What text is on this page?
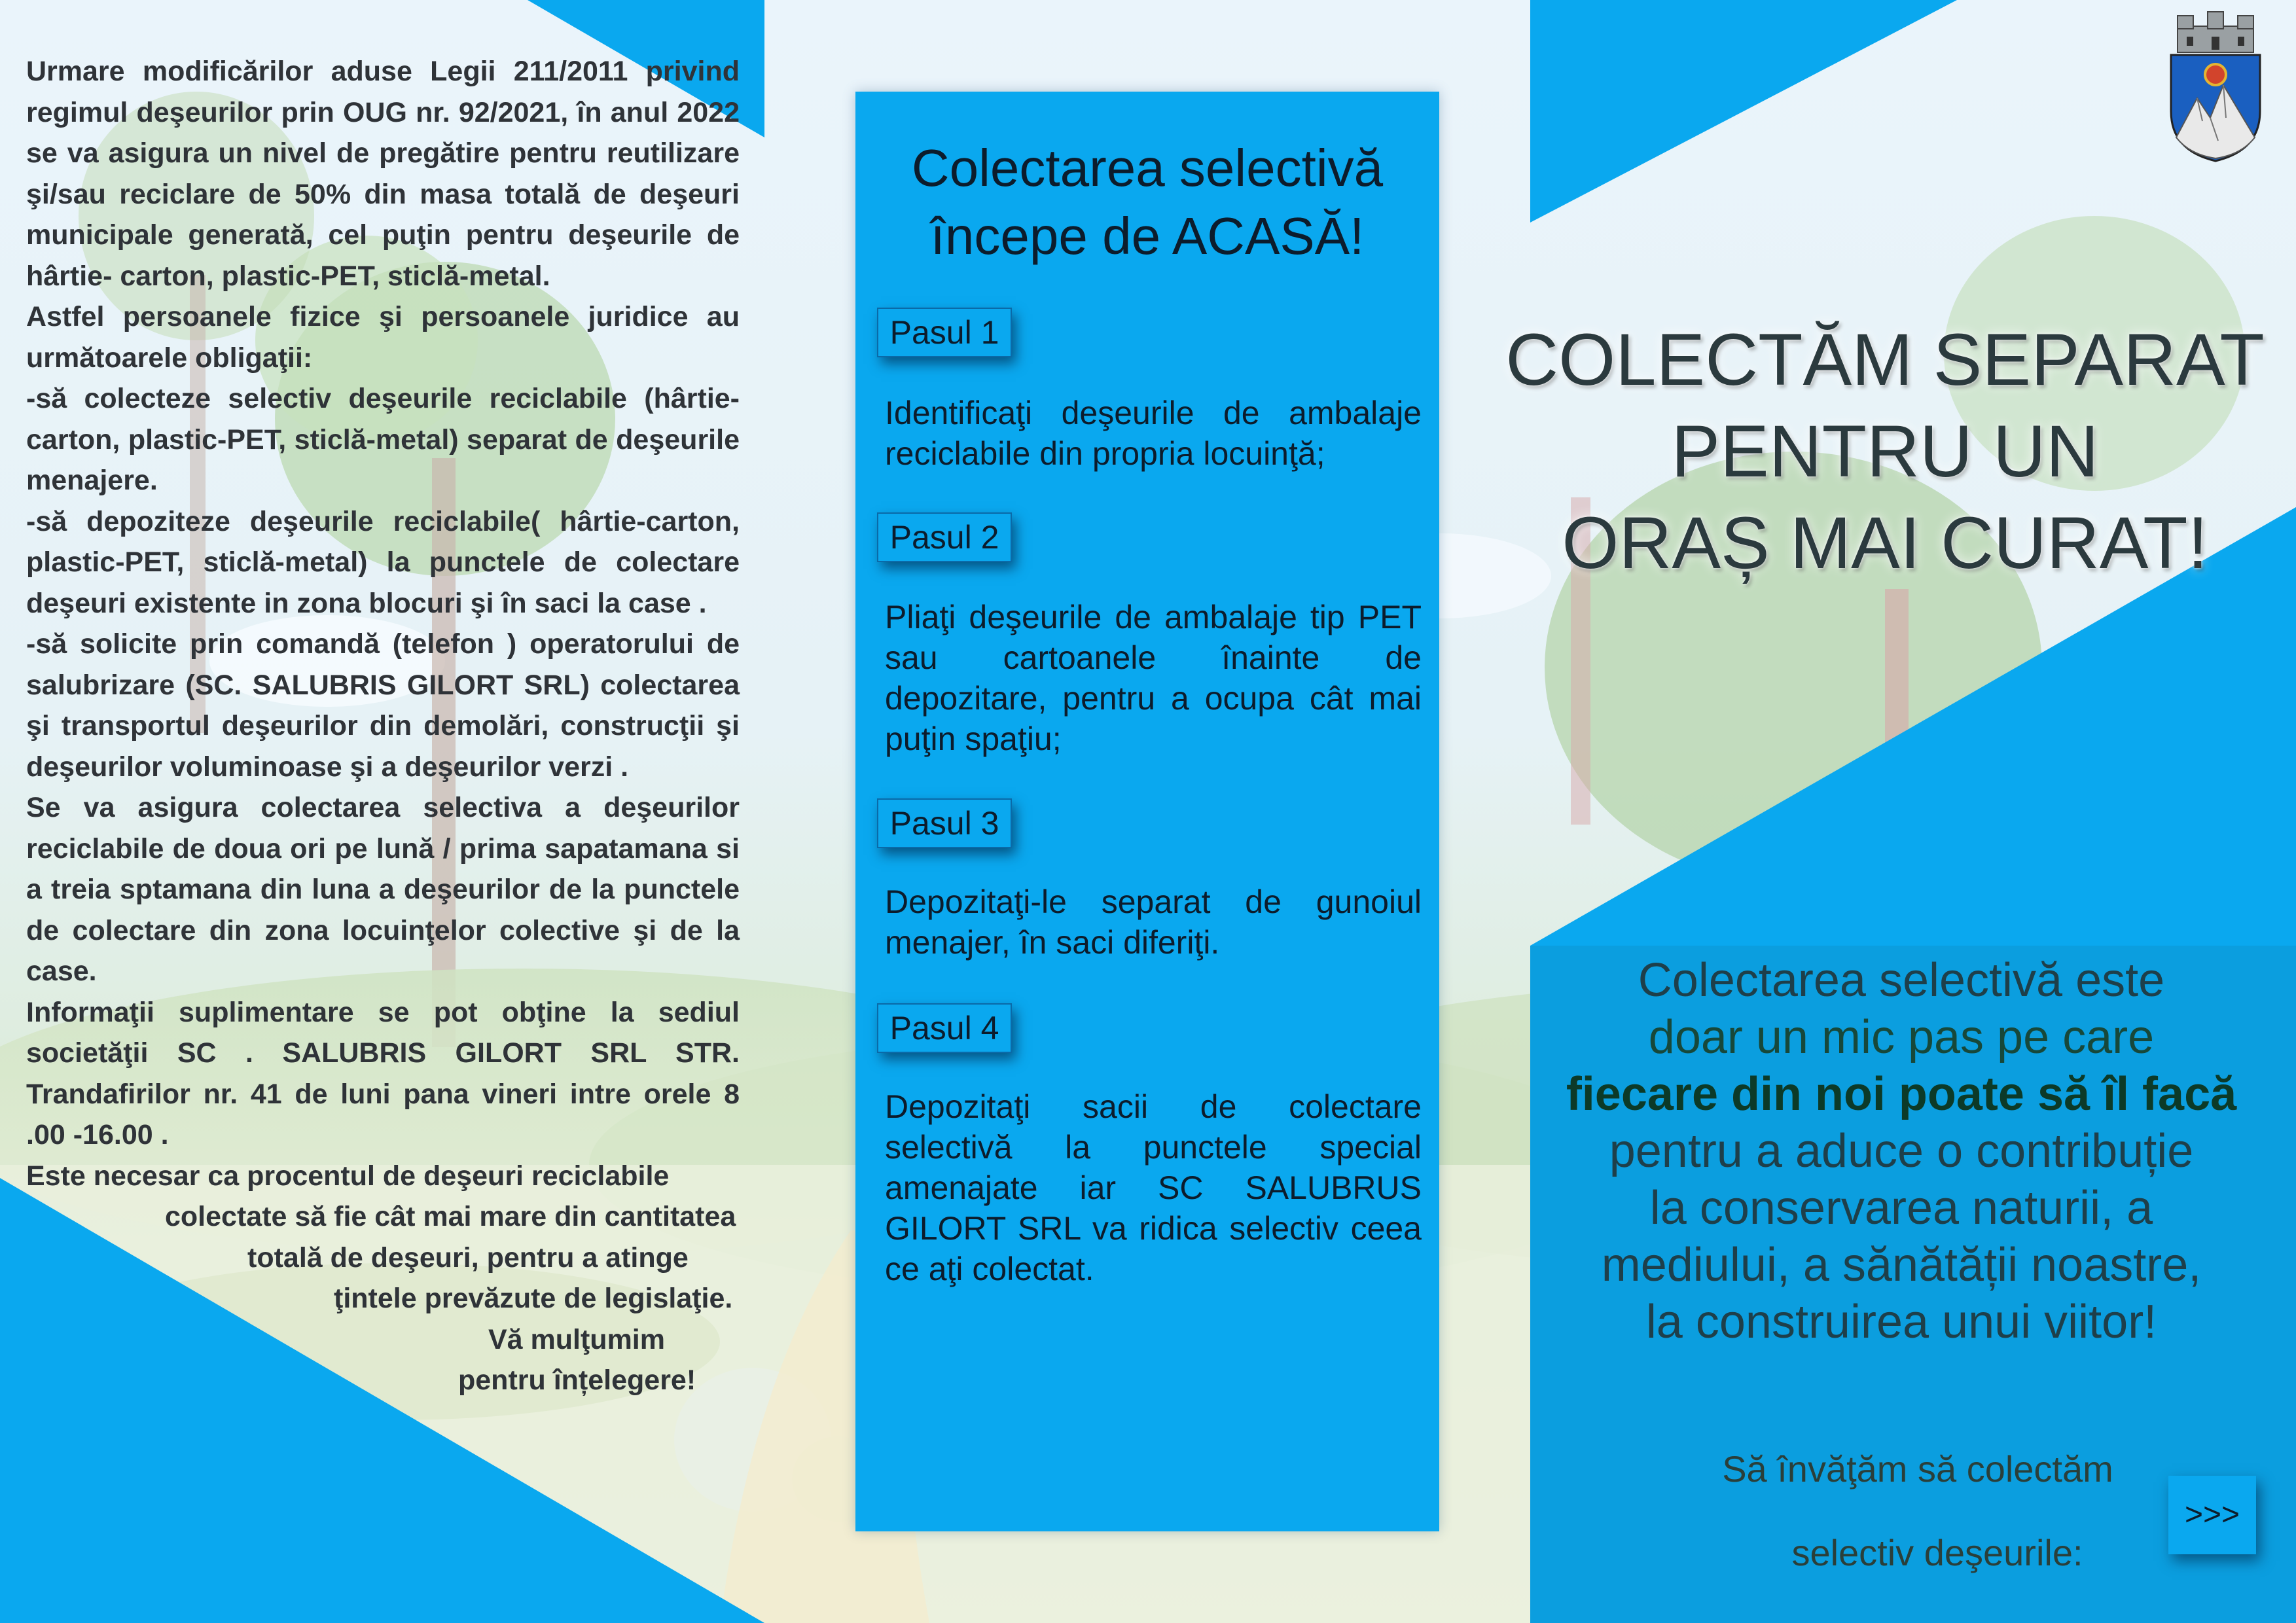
Urmare modificărilor aduse Legii 211/2011 privind regimul deşeurilor prin OUG nr. 92/2021, în anul 2022 se va asigura un nivel de pregătire pentru reutilizare şi/sau reciclare de 50% din masa totală de deşeuri municipale generată, cel puţin pentru deşeurile de hârtie- carton, plastic-PET, sticlă-metal.

Astfel persoanele fizice şi persoanele juridice au următoarele obligaţii:

-să colecteze selectiv deşeurile reciclabile (hârtie-carton, plastic-PET, sticlă-metal) separat de deşeurile menajere.

-să depoziteze deşeurile reciclabile( hârtie-carton, plastic-PET, sticlă-metal) la punctele de colectare deşeuri existente in zona blocuri şi în saci la case .

-să solicite prin comandă (telefon ) operatorului de salubrizare (SC. SALUBRIS GILORT SRL) colectarea şi transportul deşeurilor din demolări, construcţii şi deşeurilor voluminoase şi a deşeurilor verzi .

Se va asigura colectarea selectiva a deşeurilor reciclabile de doua ori pe lună / prima sapatamana si a treia sptamana din luna a deşeurilor de la punctele de colectare din zona locuinţelor colective şi de la case.

Informaţii suplimentare se pot obţine la sediul societăţii SC . SALUBRIS GILORT SRL STR. Trandafirilor nr. 41 de luni pana vineri intre orele 8 .00 -16.00 .

Este necesar ca procentul de deşeuri reciclabile

colectate să fie cât mai mare din cantitatea

totală de deşeuri, pentru a atinge

ţintele prevăzute de legislaţie.

Vă mulţumim

pentru înțelegere!

Colectarea selectivă
începe de ACASĂ!
Pasul 1
Identificaţi deşeurile de ambalaje reciclabile din propria locuinţă;
Pasul 2
Pliaţi deşeurile de ambalaje tip PET sau cartoanele înainte de depozitare, pentru a ocupa cât mai puţin spaţiu;
Pasul 3
Depozitaţi-le separat de gunoiul menajer, în saci diferiţi.
Pasul 4
Depozitaţi sacii de colectare selectivă la punctele special amenajate iar SC SALUBRUS GILORT SRL va ridica selectiv ceea ce aţi colectat.
COLECTĂM SEPARAT
PENTRU UN
ORAȘ MAI CURAT!
Colectarea selectivă este
doar un mic pas pe care
fiecare din noi poate să îl facă
pentru a aduce o contribuție
la conservarea naturii, a
mediului, a sănătății noastre,
la construirea unui viitor!
Să învăţăm să colectăm
selectiv deşeurile:
>>>
